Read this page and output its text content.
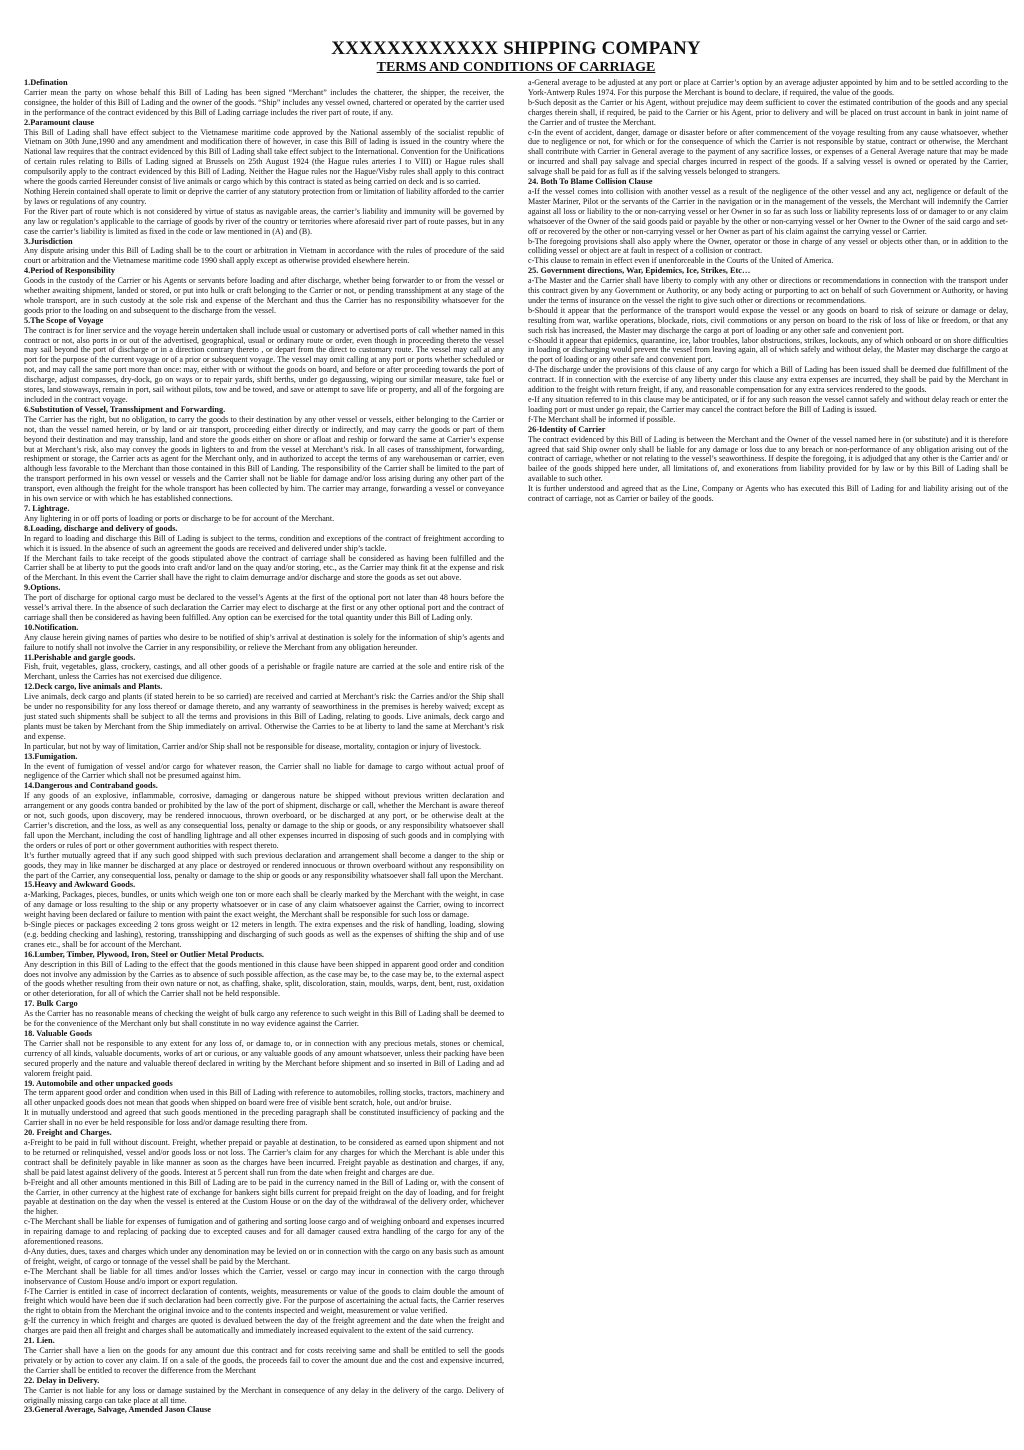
XXXXXXXXXXXX SHIPPING COMPANY
TERMS AND CONDITIONS OF CARRIAGE
1.Defination

Carrier mean the party on whose behalf this Bill of Lading has been signed “Merchant” includes the chatterer, the shipper, the receiver, the consignee, the holder of this Bill of Lading and the owner of the goods. “Ship” includes any vessel owned, chartered or operated by the carrier used in the performance of the contract evidenced by this Bill of Lading carriage includes the river part of route, if any.

2.Paramount clause

This Bill of Lading shall have effect subject to the Vietnamese maritime code approved by the National assembly of the socialist republic of Vietnam on 30th June,1990 and any amendment and modification there of however, in case this Bill of lading is issued in the country where the National law requires that the contract evidenced by this Bill of Lading shall take effect subject to the International. Convention for the Unifications of certain rules relating to Bills of Lading signed at Brussels on 25th August 1924 (the Hague rules arteries I to VIII) or Hague rules shall compulsorily apply to the contract evidenced by this Bill of Lading. Neither the Hague rules nor the Hague/Visby rules shall apply to this contract where the goods carried Hereunder consist of live animals or cargo which by this contract is stated as being carried on deck and is so carried.

Nothing Herein contained shall operate to limit or deprive the carrier of any statutory protection from or limitation of liability afforded to the carrier by laws or regulations of any country.

For the River part of route which is not considered by virtue of status as navigable areas, the carrier’s liability and immunity will be governed by any law or regulation’s applicable to the carriage of goods by river of the country or territories where aforesaid river part of route passes, but in any case the carrier’s liability is limited as fixed in the code or law mentioned in (A) and (B).

3.Jurisdiction

Any dispute arising under this Bill of Lading shall be to the court or arbitration in Vietnam in accordance with the rules of procedure of the said court or arbitration and the Vietnamese maritime code 1990 shall apply except as otherwise provided elsewhere herein.

4.Period of Responsibility

Goods in the custody of the Carrier or his Agents or servants before loading and after discharge, whether being forwarder to or from the vessel or whether awaiting shipment, landed or stored, or put into hulk or craft belonging to the Carrier or not, or pending transshipment at any stage of the whole transport, are in such custody at the sole risk and expense of the Merchant and thus the Carrier has no responsibility whatsoever for the goods prior to the loading on and subsequent to the discharge from the vessel.

5.The Scope of Voyage

The contract is for liner service and the voyage herein undertaken shall include usual or customary or advertised ports of call whether named in this contract or not, also ports in or out of the advertised, geographical, usual or ordinary route or order, even though in proceeding thereto the vessel may sail beyond the port of discharge or in a direction contrary thereto , or depart from the direct to customary route. The vessel may call at any port for the purpose of the current voyage or of a prior or subsequent voyage. The vessel may omit calling at any port or ports whether scheduled or not, and may call the same port more than once: may, either with or without the goods on board, and before or after proceeding towards the port of discharge, adjust compasses, dry-dock, go on ways or to repair yards, shift berths, under go degaussing, wiping our similar measure, take fuel or stores, land stowaways, remain in port, sail without pilots, tow and be towed, and save or attempt to save life or property, and all of the forgoing are included in the contract voyage.

6.Substitution of Vessel, Transshipment and Forwarding.

The Carrier has the right, but no obligation, to carry the goods to their destination by any other vessel or vessels, either belonging to the Carrier or not, than the vessel named herein, or by land or air transport, proceeding either directly or indirectly, and may carry the goods or part of them beyond their destination and may transship, land and store the goods either on shore or afloat and reship or forward the same at Carrier’s expense but at Merchant’s risk, also may convey the goods in lighters to and from the vessel at Merchant’s risk. In all cases of transshipment, forwarding, reshipment or storage, the Carrier acts as agent for the Merchant only, and in authorized to accept the terms of any warehouseman or carrier, even although less favorable to the Merchant than those contained in this Bill of Landing. The responsibility of the Carrier shall be limited to the part of the transport performed in his own vessel or vessels and the Carrier shall not be liable for damage and/or loss arising during any other part of the transport, even although the freight for the whole transport has been collected by him. The carrier may arrange, forwarding a vessel or conveyance in his own service or with which he has established connections.

7. Lightrage.

Any lightering in or off ports of loading or ports or discharge to be for account of the Merchant.

8.Loading, discharge and delivery of goods.

In regard to loading and discharge this Bill of Lading is subject to the terms, condition and exceptions of the contract of freightment according to which it is issued. In the absence of such an agreement the goods are received and delivered under ship’s tackle.

If the Merchant fails to take receipt of the goods stipulated above the contract of carriage shall be considered as having been fulfilled and the Carrier shall be at liberty to put the goods into craft and/or land on the quay and/or storing, etc., as the Carrier may think fit at the expense and risk of the Merchant. In this event the Carrier shall have the right to claim demurrage and/or discharge and store the goods as set out above.

9.Options.

The port of discharge for optional cargo must be declared to the vessel’s Agents at the first of the optional port not later than 48 hours before the vessel’s arrival there. In the absence of such declaration the Carrier may elect to discharge at the first or any other optional port and the contract of carriage shall then be considered as having been fulfilled. Any option can be exercised for the total quantity under this Bill of Lading only.

10.Notification.

Any clause herein giving names of parties who desire to be notified of ship’s arrival at destination is solely for the information of ship’s agents and failure to notify shall not involve the Carrier in any responsibility, or relieve the Merchant from any obligation hereunder.

11.Perishable and gargle goods.

Fish, fruit, vegetables, glass, crockery, castings, and all other goods of a perishable or fragile nature are carried at the sole and entire risk of the Merchant, unless the Carries has not exercised due diligence.

12.Deck cargo, live animals and Plants.

Live animals, deck cargo and plants (if stated herein to be so carried) are received and carried at Merchant’s risk: the Carries and/or the Ship shall be under no responsibility for any loss thereof or damage thereto, and any warranty of seaworthiness in the premises is hereby waived; except as just stated such shipments shall be subject to all the terms and provisions in this Bill of Lading, relating to goods. Live animals, deck cargo and plants must be taken by Merchant from the Ship immediately on arrival. Otherwise the Carries to be at liberty to land the same at Merchant’s risk and expense.

In particular, but not by way of limitation, Carrier and/or Ship shall not be responsible for disease, mortality, contagion or injury of livestock.

13.Fumigation.

In the event of fumigation of vessel and/or cargo for whatever reason, the Carrier shall no liable for damage to cargo without actual proof of negligence of the Carrier which shall not be presumed against him.

14.Dangerous and Contraband goods.

If any goods of an explosive, inflammable, corrosive, damaging or dangerous nature be shipped without previous written declaration and arrangement or any goods contra banded or prohibited by the law of the port of shipment, discharge or call, whether the Merchant is aware thereof or not, such goods, upon discovery, may be rendered innocuous, thrown overboard, or be discharged at any port, or be otherwise dealt at the Carrier’s discretion, and the loss, as well as any consequential loss, penalty or damage to the ship or goods, or any responsibility whatsoever shall fall upon the Merchant, including the cost of handling lightrage and all other expenses incurred in disposing of such goods and in complying with the orders or rules of port or other government authorities with respect thereto.

It’s further mutually agreed that if any such good shipped with such previous declaration and arrangement shall become a danger to the ship or goods, they may in like manner be discharged at any place or destroyed or rendered innocuous or thrown overboard without any responsibility on the part of the Carrier, any consequential loss, penalty or damage to the ship or goods or any responsibility whatsoever shall fall upon the Merchant.

15.Heavy and Awkward Goods.

a-Marking, Packages, pieces, bundles, or units which weigh one ton or more each shall be clearly marked by the Merchant with the weight, in case of any damage or loss resulting to the ship or any property whatsoever or in case of any claim whatsoever against the Carrier, owing to incorrect weight having been declared or failure to mention with paint the exact weight, the Merchant shall be responsible for such loss or damage.

b-Single pieces or packages exceeding 2 tons gross weight or 12 meters in length. The extra expenses and the risk of handling, loading, slowing (e.g. bedding checking and lashing), restoring, transshipping and discharging of such goods as well as the expenses of shifting the ship and of use cranes etc., shall be for account of the Merchant.

16.Lumber, Timber, Plywood, Iron, Steel or Outlier Metal Products.

Any description in this Bill of Lading to the effect that the goods mentioned in this clause have been shipped in apparent good order and condition does not involve any admission by the Carries as to absence of such possible affection, as the case may be, to the case may be, to the external aspect of the goods whether resulting from their own nature or not, as chaffing, shake, split, discoloration, stain, moulds, warps, dent, bent, rust, oxidation or other deterioration, for all of which the Carrier shall not be held responsible.

17. Bulk Cargo

As the Carrier has no reasonable means of checking the weight of bulk cargo any reference to such weight in this Bill of Lading shall be deemed to be for the convenience of the Merchant only but shall constitute in no way evidence against the Carrier.

18. Valuable Goods

The Carrier shall not be responsible to any extent for any loss of, or damage to, or in connection with any precious metals, stones or chemical, currency of all kinds, valuable documents, works of art or curious, or any valuable goods of any amount whatsoever, unless their packing have been secured properly and the nature and valuable thereof declared in writing by the Merchant before shipment and so inserted in Bill of Lading and ad valorem freight paid.

19. Automobile and other unpacked goods

The term apparent good order and condition when used in this Bill of Lading with reference to automobiles, rolling stocks, tractors, machinery and all other unpacked goods does not mean that goods when shipped on board were free of visible bent scratch, hole, out and/or bruise.

It in mutually understood and agreed that such goods mentioned in the preceding paragraph shall be constituted insufficiency of packing and the Carrier shall in no ever be held responsible for loss and/or damage resulting there from.

20. Freight and Charges.

a-Freight to be paid in full without discount. Freight, whether prepaid or payable at destination, to be considered as earned upon shipment and not to be returned or relinquished, vessel and/or goods loss or not loss. The Carrier’s claim for any charges for which the Merchant is able under this contract shall be definitely payable in like manner as soon as the charges have been incurred. Freight payable as destination and charges, if any, shall be paid latest against delivery of the goods. Interest at 5 percent shall run from the date when freight and charges are due.

b-Freight and all other amounts mentioned in this Bill of Lading are to be paid in the currency named in the Bill of Lading or, with the consent of the Carrier, in other currency at the highest rate of exchange for bankers sight bills current for prepaid freight on the day of loading, and for freight payable at destination on the day when the vessel is entered at the Custom House or on the day of the withdrawal of the delivery order, whichever the higher.

c-The Merchant shall be liable for expenses of fumigation and of gathering and sorting loose cargo and of weighing onboard and expenses incurred in repairing damage to and replacing of packing due to excepted causes and for all damager caused extra handling of the cargo for any of the aforementioned reasons.

d-Any duties, dues, taxes and charges which under any denomination may be levied on or in connection with the cargo on any basis such as amount of freight, weight, of cargo or tonnage of the vessel shall be paid by the Merchant.

e-The Merchant shall be liable for all times and/or losses which the Carrier, vessel or cargo may incur in connection with the cargo through inobservance of Custom House and/o import or export regulation.

f-The Carrier is entitled in case of incorrect declaration of contents, weights, measurements or value of the goods to claim double the amount of freight which would have been due if such declaration had been correctly give. For the purpose of ascertaining the actual facts, the Carrier reserves the right to obtain from the Merchant the original invoice and to the contents inspected and weight, measurement or value verified.

g-If the currency in which freight and charges are quoted is devalued between the day of the freight agreement and the date when the freight and charges are paid then all freight and charges shall be automatically and immediately increased equivalent to the extent of the said currency.

21. Lien.

The Carrier shall have a lien on the goods for any amount due this contract and for costs receiving same and shall be entitled to sell the goods privately or by action to cover any claim. If on a sale of the goods, the proceeds fail to cover the amount due and the cost and expensive incurred, the Carrier shall be entitled to recover the difference from the Merchant

22. Delay in Delivery.

The Carrier is not liable for any loss or damage sustained by the Merchant in consequence of any delay in the delivery of the cargo. Delivery of originally missing cargo can take place at all time.

23.General Average, Salvage, Amended Jason Clause

a-General average to be adjusted at any port or place at Carrier’s option by an average adjuster appointed by him and to be settled according to the York-Antwerp Rules 1974. For this purpose the Merchant is bound to declare, if required, the value of the goods.

b-Such deposit as the Carrier or his Agent, without prejudice may deem sufficient to cover the estimated contribution of the goods and any special charges therein shall, if required, be paid to the Carrier or his Agent, prior to delivery and will be placed on trust account in bank in joint name of the Carrier and of trustee the Merchant.

c-In the event of accident, danger, damage or disaster before or after commencement of the voyage resulting from any cause whatsoever, whether due to negligence or not, for which or for the consequence of which the Carrier is not responsible by statue, contract or otherwise, the Merchant shall contribute with Carrier in General average to the payment of any sacrifice losses, or expenses of a General Average nature that may be made or incurred and shall pay salvage and special charges incurred in respect of the goods. If a salving vessel is owned or operated by the Carrier, salvage shall be paid for as full as if the salving vessels belonged to strangers.

24. Both To Blame Collision Clause

a-If the vessel comes into collision with another vessel as a result of the negligence of the other vessel and any act, negligence or default of the Master Mariner, Pilot or the servants of the Carrier in the navigation or in the management of the vessels, the Merchant will indemnify the Carrier against all loss or liability to the or non-carrying vessel or her Owner in so far as such loss or liability represents loss of or damager to or any claim whatsoever of the Owner of the said goods paid or payable by the other or non-carrying vessel or her Owner to the Owner of the said cargo and set-off or recovered by the other or non-carrying vessel or her Owner as part of his claim against the carrying vessel or Carrier.

b-The foregoing provisions shall also apply where the Owner, operator or those in charge of any vessel or objects other than, or in addition to the colliding vessel or object are at fault in respect of a collision or contract.

c-This clause to remain in effect even if unenforceable in the Courts of the United of America.

25. Government directions, War, Epidemics, Ice, Strikes, Etc…

a-The Master and the Carrier shall have liberty to comply with any other or directions or recommendations in connection with the transport under this contract given by any Government or Authority, or any body acting or purporting to act on behalf of such Government or Authority, or having under the terms of insurance on the vessel the right to give such other or directions or recommendations.

b-Should it appear that the performance of the transport would expose the vessel or any goods on board to risk of seizure or damage or delay, resulting from war, warlike operations, blockade, riots, civil commotions or any person on board to the risk of loss of like or freedom, or that any such risk has increased, the Master may discharge the cargo at port of loading or any other safe and convenient port.

c-Should it appear that epidemics, quarantine, ice, labor troubles, labor obstructions, strikes, lockouts, any of which onboard or on shore difficulties in loading or discharging would prevent the vessel from leaving again, all of which safely and without delay, the Master may discharge the cargo at the port of loading or any other safe and convenient port.

d-The discharge under the provisions of this clause of any cargo for which a Bill of Lading has been issued shall be deemed due fulfillment of the contract. If in connection with the exercise of any liberty under this clause any extra expenses are incurred, they shall be paid by the Merchant in addition to the freight with return freight, if any, and reasonable compensation for any extra services rendered to the goods.

e-If any situation referred to in this clause may be anticipated, or if for any such reason the vessel cannot safely and without delay reach or enter the loading port or must under go repair, the Carrier may cancel the contract before the Bill of Lading is issued.

f-The Merchant shall be informed if possible.

26-Identity of Carrier

The contract evidenced by this Bill of Lading is between the Merchant and the Owner of the vessel named here in (or substitute) and it is therefore agreed that said Ship owner only shall be liable for any damage or loss due to any breach or non-performance of any obligation arising out of the contract of carriage, whether or not relating to the vessel’s seaworthiness. If despite the foregoing, it is adjudged that any other is the Carrier and/ or bailee of the goods shipped here under, all limitations of, and exonerations from liability provided for by law or by this Bill of Lading shall be available to such other.

It is further understood and agreed that as the Line, Company or Agents who has executed this Bill of Lading for and liability arising out of the contract of carriage, not as Carrier or bailey of the goods.
